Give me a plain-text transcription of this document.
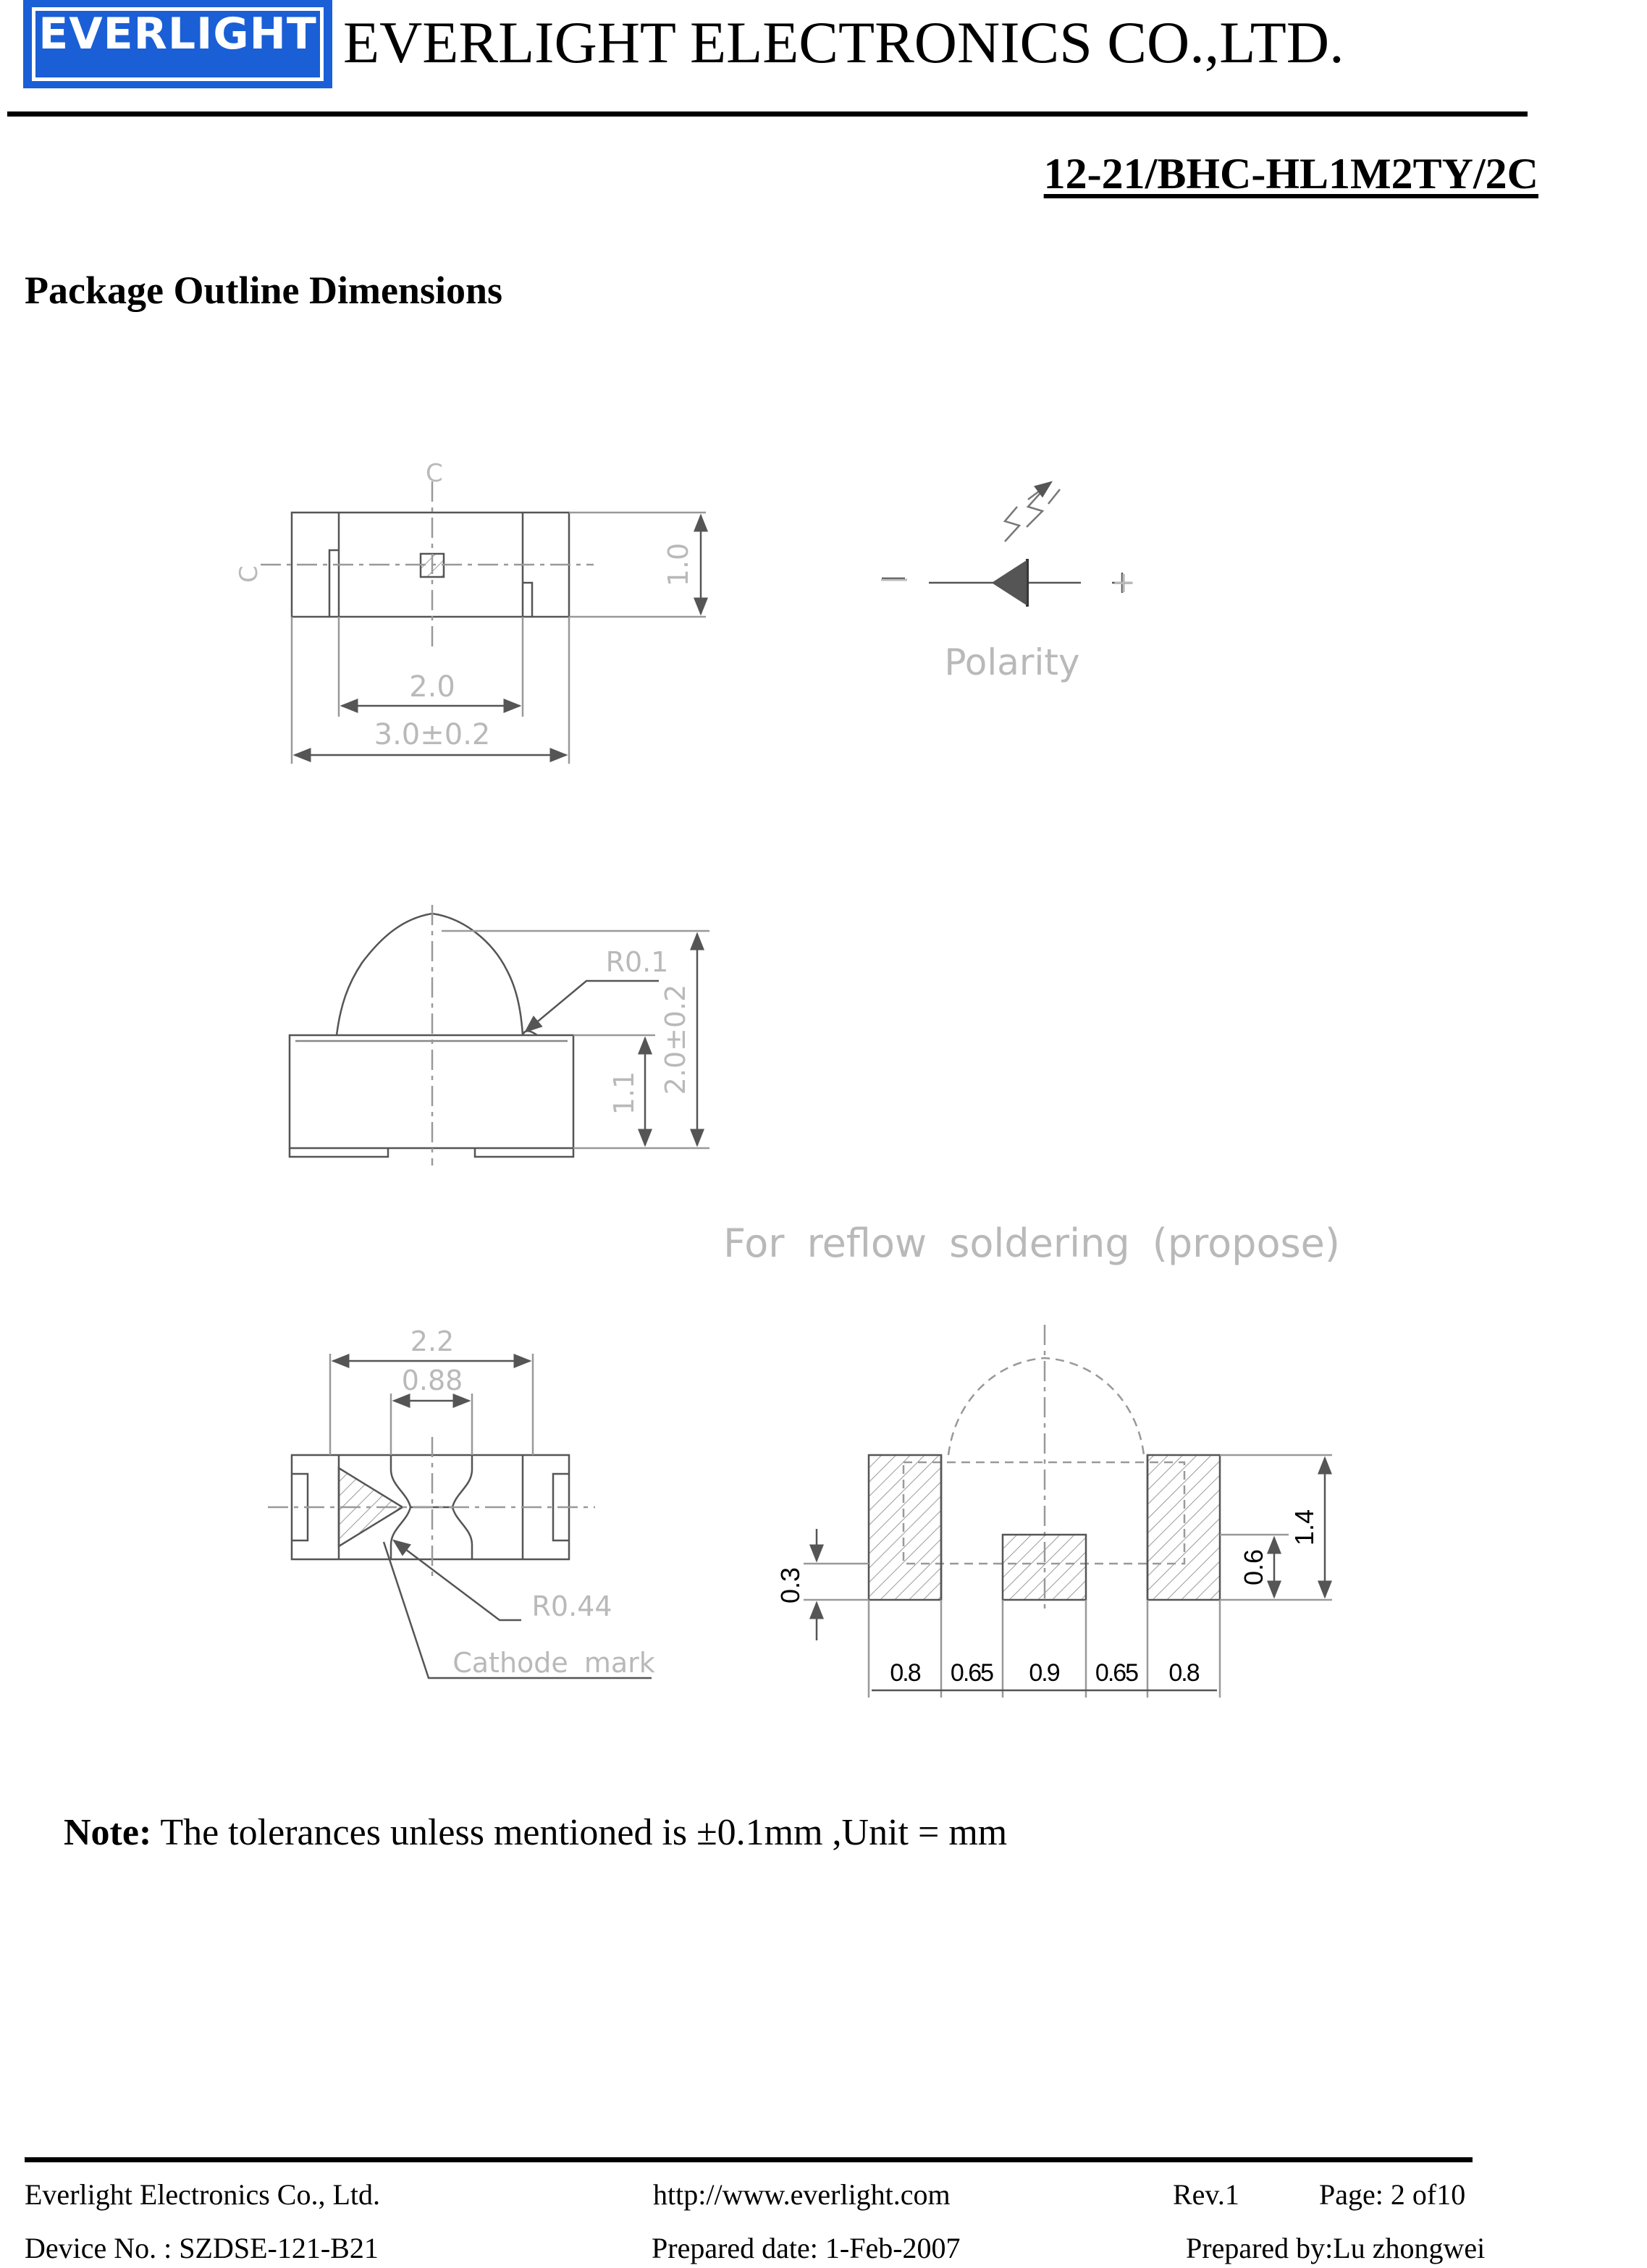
EVERLIGHT EVERLIGHT ELECTRONICS CO.,LTD.
12-21/BHC-HL1M2TY/2C
Package Outline Dimensions
C
C	1.0
2.0
3.0±0.2
—	+
Polarity
R0.1
1.1 2.0±0.2
For reflow soldering (propose)
2.2
0.88
R0.44
Cathode mark
0.3	0.6
1.4
0.8 0.65 0.9 0.65 0.8
Note: The tolerances unless mentioned is ±0.1mm ,Unit = mm
Everlight Electronics Co., Ltd.	http://www.everlight.com	Rev.1	Page: 2 of10
Device No. : SZDSE-121-B21	Prepared date: 1-Feb-2007	Prepared by:Lu zhongwei
